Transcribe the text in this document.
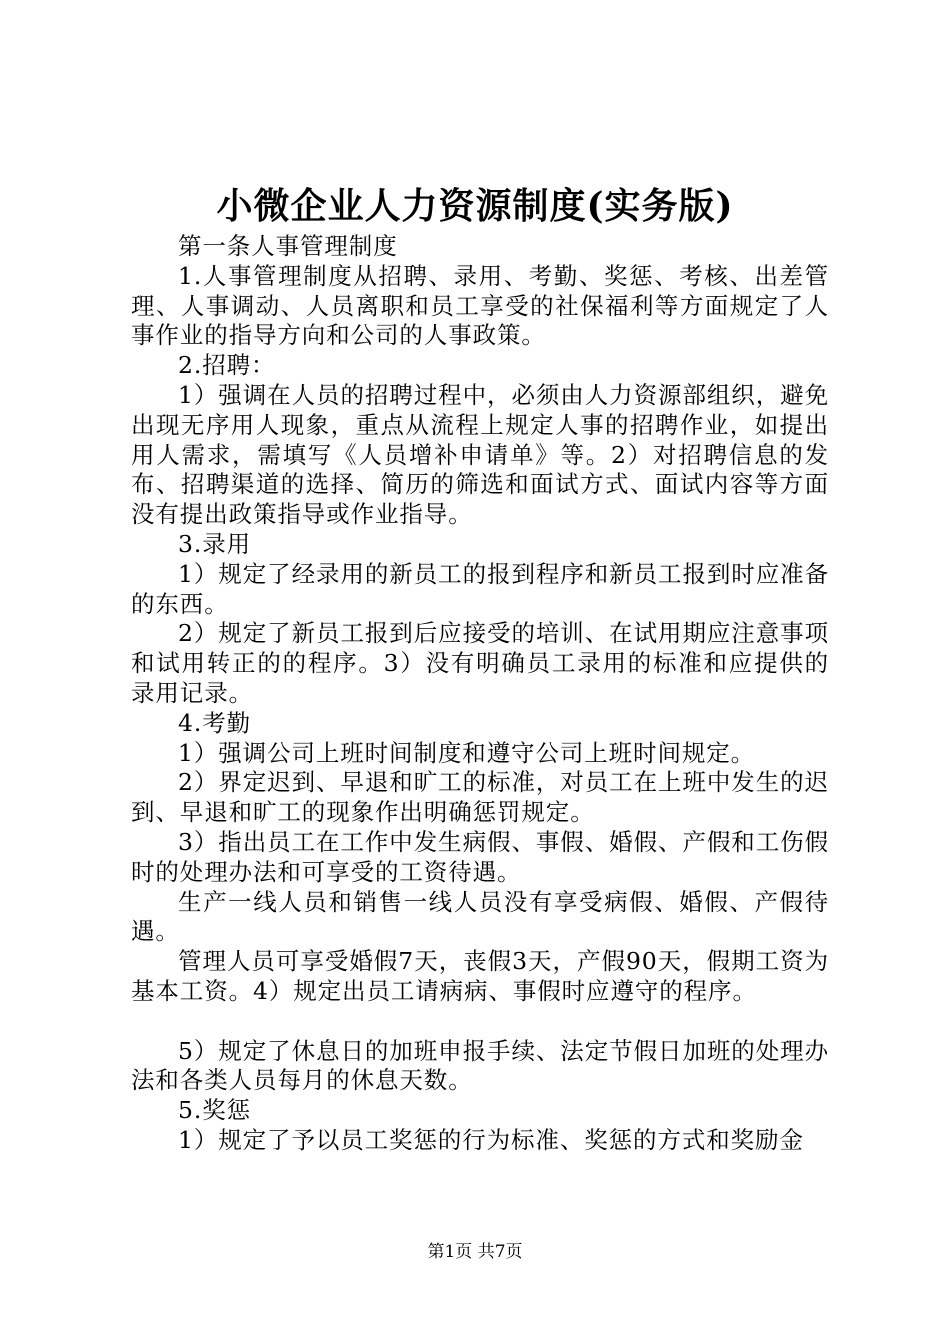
小微企业人力资源制度(实务版)

第一条人事管理制度

1.人事管理制度从招聘、录用、考勤、奖惩、考核、出差管理、人事调动、人员离职和员工享受的社保福利等方面规定了人事作业的指导方向和公司的人事政策。

2.招聘：

1）强调在人员的招聘过程中，必须由人力资源部组织，避免出现无序用人现象，重点从流程上规定人事的招聘作业，如提出用人需求，需填写《人员增补申请单》等。2）对招聘信息的发布、招聘渠道的选择、简历的筛选和面试方式、面试内容等方面没有提出政策指导或作业指导。

3.录用

1）规定了经录用的新员工的报到程序和新员工报到时应准备的东西。

2）规定了新员工报到后应接受的培训、在试用期应注意事项和试用转正的的程序。3）没有明确员工录用的标准和应提供的录用记录。

4.考勤

1）强调公司上班时间制度和遵守公司上班时间规定。

2）界定迟到、早退和旷工的标准，对员工在上班中发生的迟到、早退和旷工的现象作出明确惩罚规定。

3）指出员工在工作中发生病假、事假、婚假、产假和工伤假时的处理办法和可享受的工资待遇。

生产一线人员和销售一线人员没有享受病假、婚假、产假待遇。

管理人员可享受婚假7天，丧假3天，产假90天，假期工资为基本工资。4）规定出员工请病病、事假时应遵守的程序。

5）规定了休息日的加班申报手续、法定节假日加班的处理办法和各类人员每月的休息天数。

5.奖惩

1）规定了予以员工奖惩的行为标准、奖惩的方式和奖励金

第1页 共7页
